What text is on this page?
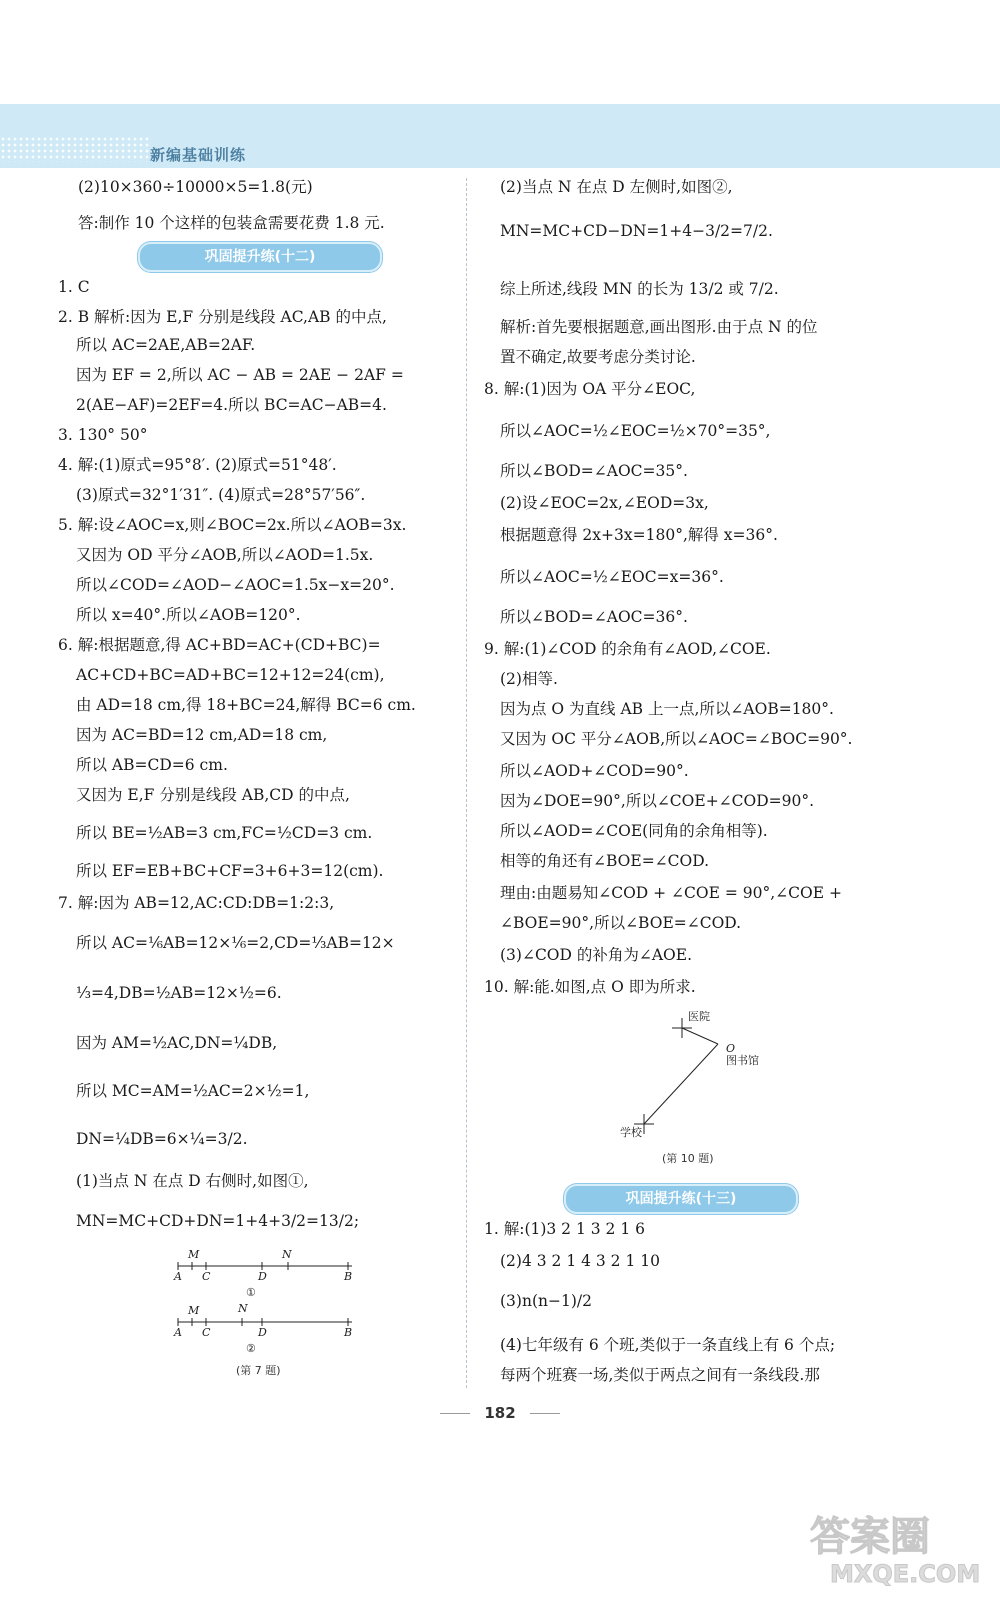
新编基础训练
(2)10×360÷10000×5=1.8(元)
答:制作 10 个这样的包装盒需要花费 1.8 元.
巩固提升练(十二)
1. C
2. B 解析:因为 E,F 分别是线段 AC,AB 的中点,
所以 AC=2AE,AB=2AF.
因为 EF = 2,所以 AC − AB = 2AE − 2AF =
2(AE−AF)=2EF=4.所以 BC=AC−AB=4.
3. 130° 50°
4. 解:(1)原式=95°8′. (2)原式=51°48′.
(3)原式=32°1′31″. (4)原式=28°57′56″.
5. 解:设∠AOC=x,则∠BOC=2x.所以∠AOB=3x.
又因为 OD 平分∠AOB,所以∠AOD=1.5x.
所以∠COD=∠AOD−∠AOC=1.5x−x=20°.
所以 x=40°.所以∠AOB=120°.
6. 解:根据题意,得 AC+BD=AC+(CD+BC)=
AC+CD+BC=AD+BC=12+12=24(cm),
由 AD=18 cm,得 18+BC=24,解得 BC=6 cm.
因为 AC=BD=12 cm,AD=18 cm,
所以 AB=CD=6 cm.
又因为 E,F 分别是线段 AB,CD 的中点,
所以 BE=½AB=3 cm,FC=½CD=3 cm.
所以 EF=EB+BC+CF=3+6+3=12(cm).
7. 解:因为 AB=12,AC:CD:DB=1:2:3,
所以 AC=⅙AB=12×⅙=2,CD=⅓AB=12×
⅓=4,DB=½AB=12×½=6.
因为 AM=½AC,DN=¼DB,
所以 MC=AM=½AC=2×½=1,
DN=¼DB=6×¼=3/2.
(1)当点 N 在点 D 右侧时,如图①,
MN=MC+CD+DN=1+4+3/2=13/2;
M	N
A C	D	B
①
M	N
A C	D	B
②
(第 7 题)
(2)当点 N 在点 D 左侧时,如图②,
MN=MC+CD−DN=1+4−3/2=7/2.
综上所述,线段 MN 的长为 13/2 或 7/2.
解析:首先要根据题意,画出图形.由于点 N 的位
置不确定,故要考虑分类讨论.
8. 解:(1)因为 OA 平分∠EOC,
所以∠AOC=½∠EOC=½×70°=35°,
所以∠BOD=∠AOC=35°.
(2)设∠EOC=2x,∠EOD=3x,
根据题意得 2x+3x=180°,解得 x=36°.
所以∠AOC=½∠EOC=x=36°.
所以∠BOD=∠AOC=36°.
9. 解:(1)∠COD 的余角有∠AOD,∠COE.
(2)相等.
因为点 O 为直线 AB 上一点,所以∠AOB=180°.
又因为 OC 平分∠AOB,所以∠AOC=∠BOC=90°.
所以∠AOD+∠COD=90°.
因为∠DOE=90°,所以∠COE+∠COD=90°.
所以∠AOD=∠COE(同角的余角相等).
相等的角还有∠BOE=∠COD.
理由:由题易知∠COD + ∠COE = 90°,∠COE +
∠BOE=90°,所以∠BOE=∠COD.
(3)∠COD 的补角为∠AOE.
10. 解:能.如图,点 O 即为所求.
巩固提升练(十三)
1. 解:(1)3 2 1 3 2 1 6
(2)4 3 2 1 4 3 2 1 10
(3)n(n−1)/2
(4)七年级有 6 个班,类似于一条直线上有 6 个点;
每两个班赛一场,类似于两点之间有一条线段.那
医院
O
图书馆
学校
(第 10 题)
182
答案圈
MXQE.COM
